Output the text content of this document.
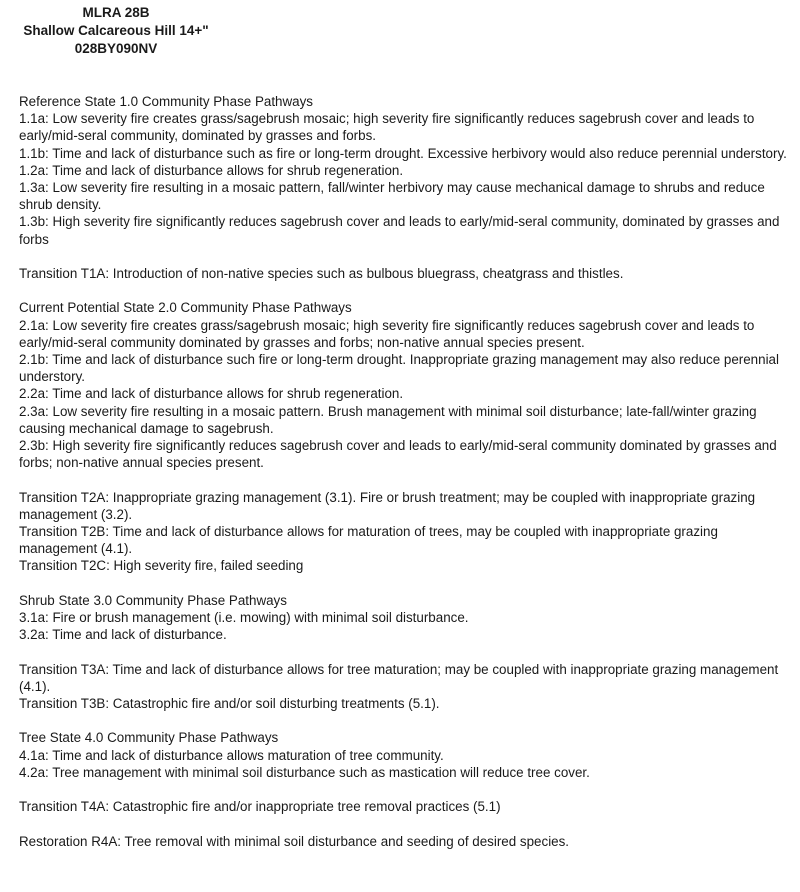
MLRA 28B
Shallow Calcareous Hill 14+"
028BY090NV
Reference State 1.0 Community Phase Pathways
1.1a: Low severity fire creates grass/sagebrush mosaic; high severity fire significantly reduces sagebrush cover and leads to early/mid-seral community, dominated by grasses and forbs.
1.1b: Time and lack of disturbance such as fire or long-term drought. Excessive herbivory would also reduce perennial understory.
1.2a: Time and lack of disturbance allows for shrub regeneration.
1.3a: Low severity fire resulting in a mosaic pattern, fall/winter herbivory may cause mechanical damage to shrubs and reduce shrub density.
1.3b: High severity fire significantly reduces sagebrush cover and leads to early/mid-seral community, dominated by grasses and forbs
Transition T1A: Introduction of non-native species such as bulbous bluegrass, cheatgrass and thistles.
Current Potential State 2.0 Community Phase Pathways
2.1a: Low severity fire creates grass/sagebrush mosaic; high severity fire significantly reduces sagebrush cover and leads to early/mid-seral community dominated by grasses and forbs; non-native annual species present.
2.1b: Time and lack of disturbance such fire or long-term drought. Inappropriate grazing management may also reduce perennial understory.
2.2a: Time and lack of disturbance allows for shrub regeneration.
2.3a: Low severity fire resulting in a mosaic pattern. Brush management with minimal soil disturbance; late-fall/winter grazing causing mechanical damage to sagebrush.
2.3b: High severity fire significantly reduces sagebrush cover and leads to early/mid-seral community dominated by grasses and forbs; non-native annual species present.
Transition T2A: Inappropriate grazing management (3.1). Fire or brush treatment; may be coupled with inappropriate grazing management (3.2).
Transition T2B: Time and lack of disturbance allows for maturation of trees, may be coupled with inappropriate grazing management (4.1).
Transition T2C: High severity fire, failed seeding
Shrub State 3.0 Community Phase Pathways
3.1a: Fire or brush management (i.e. mowing) with minimal soil disturbance.
3.2a: Time and lack of disturbance.
Transition T3A: Time and lack of disturbance allows for tree maturation; may be coupled with inappropriate grazing management (4.1).
Transition T3B: Catastrophic fire and/or soil disturbing treatments (5.1).
Tree State 4.0 Community Phase Pathways
4.1a: Time and lack of disturbance allows maturation of tree community.
4.2a: Tree management with minimal soil disturbance such as mastication will reduce tree cover.
Transition T4A: Catastrophic fire and/or inappropriate tree removal practices (5.1)
Restoration R4A: Tree removal with minimal soil disturbance and seeding of desired species.
